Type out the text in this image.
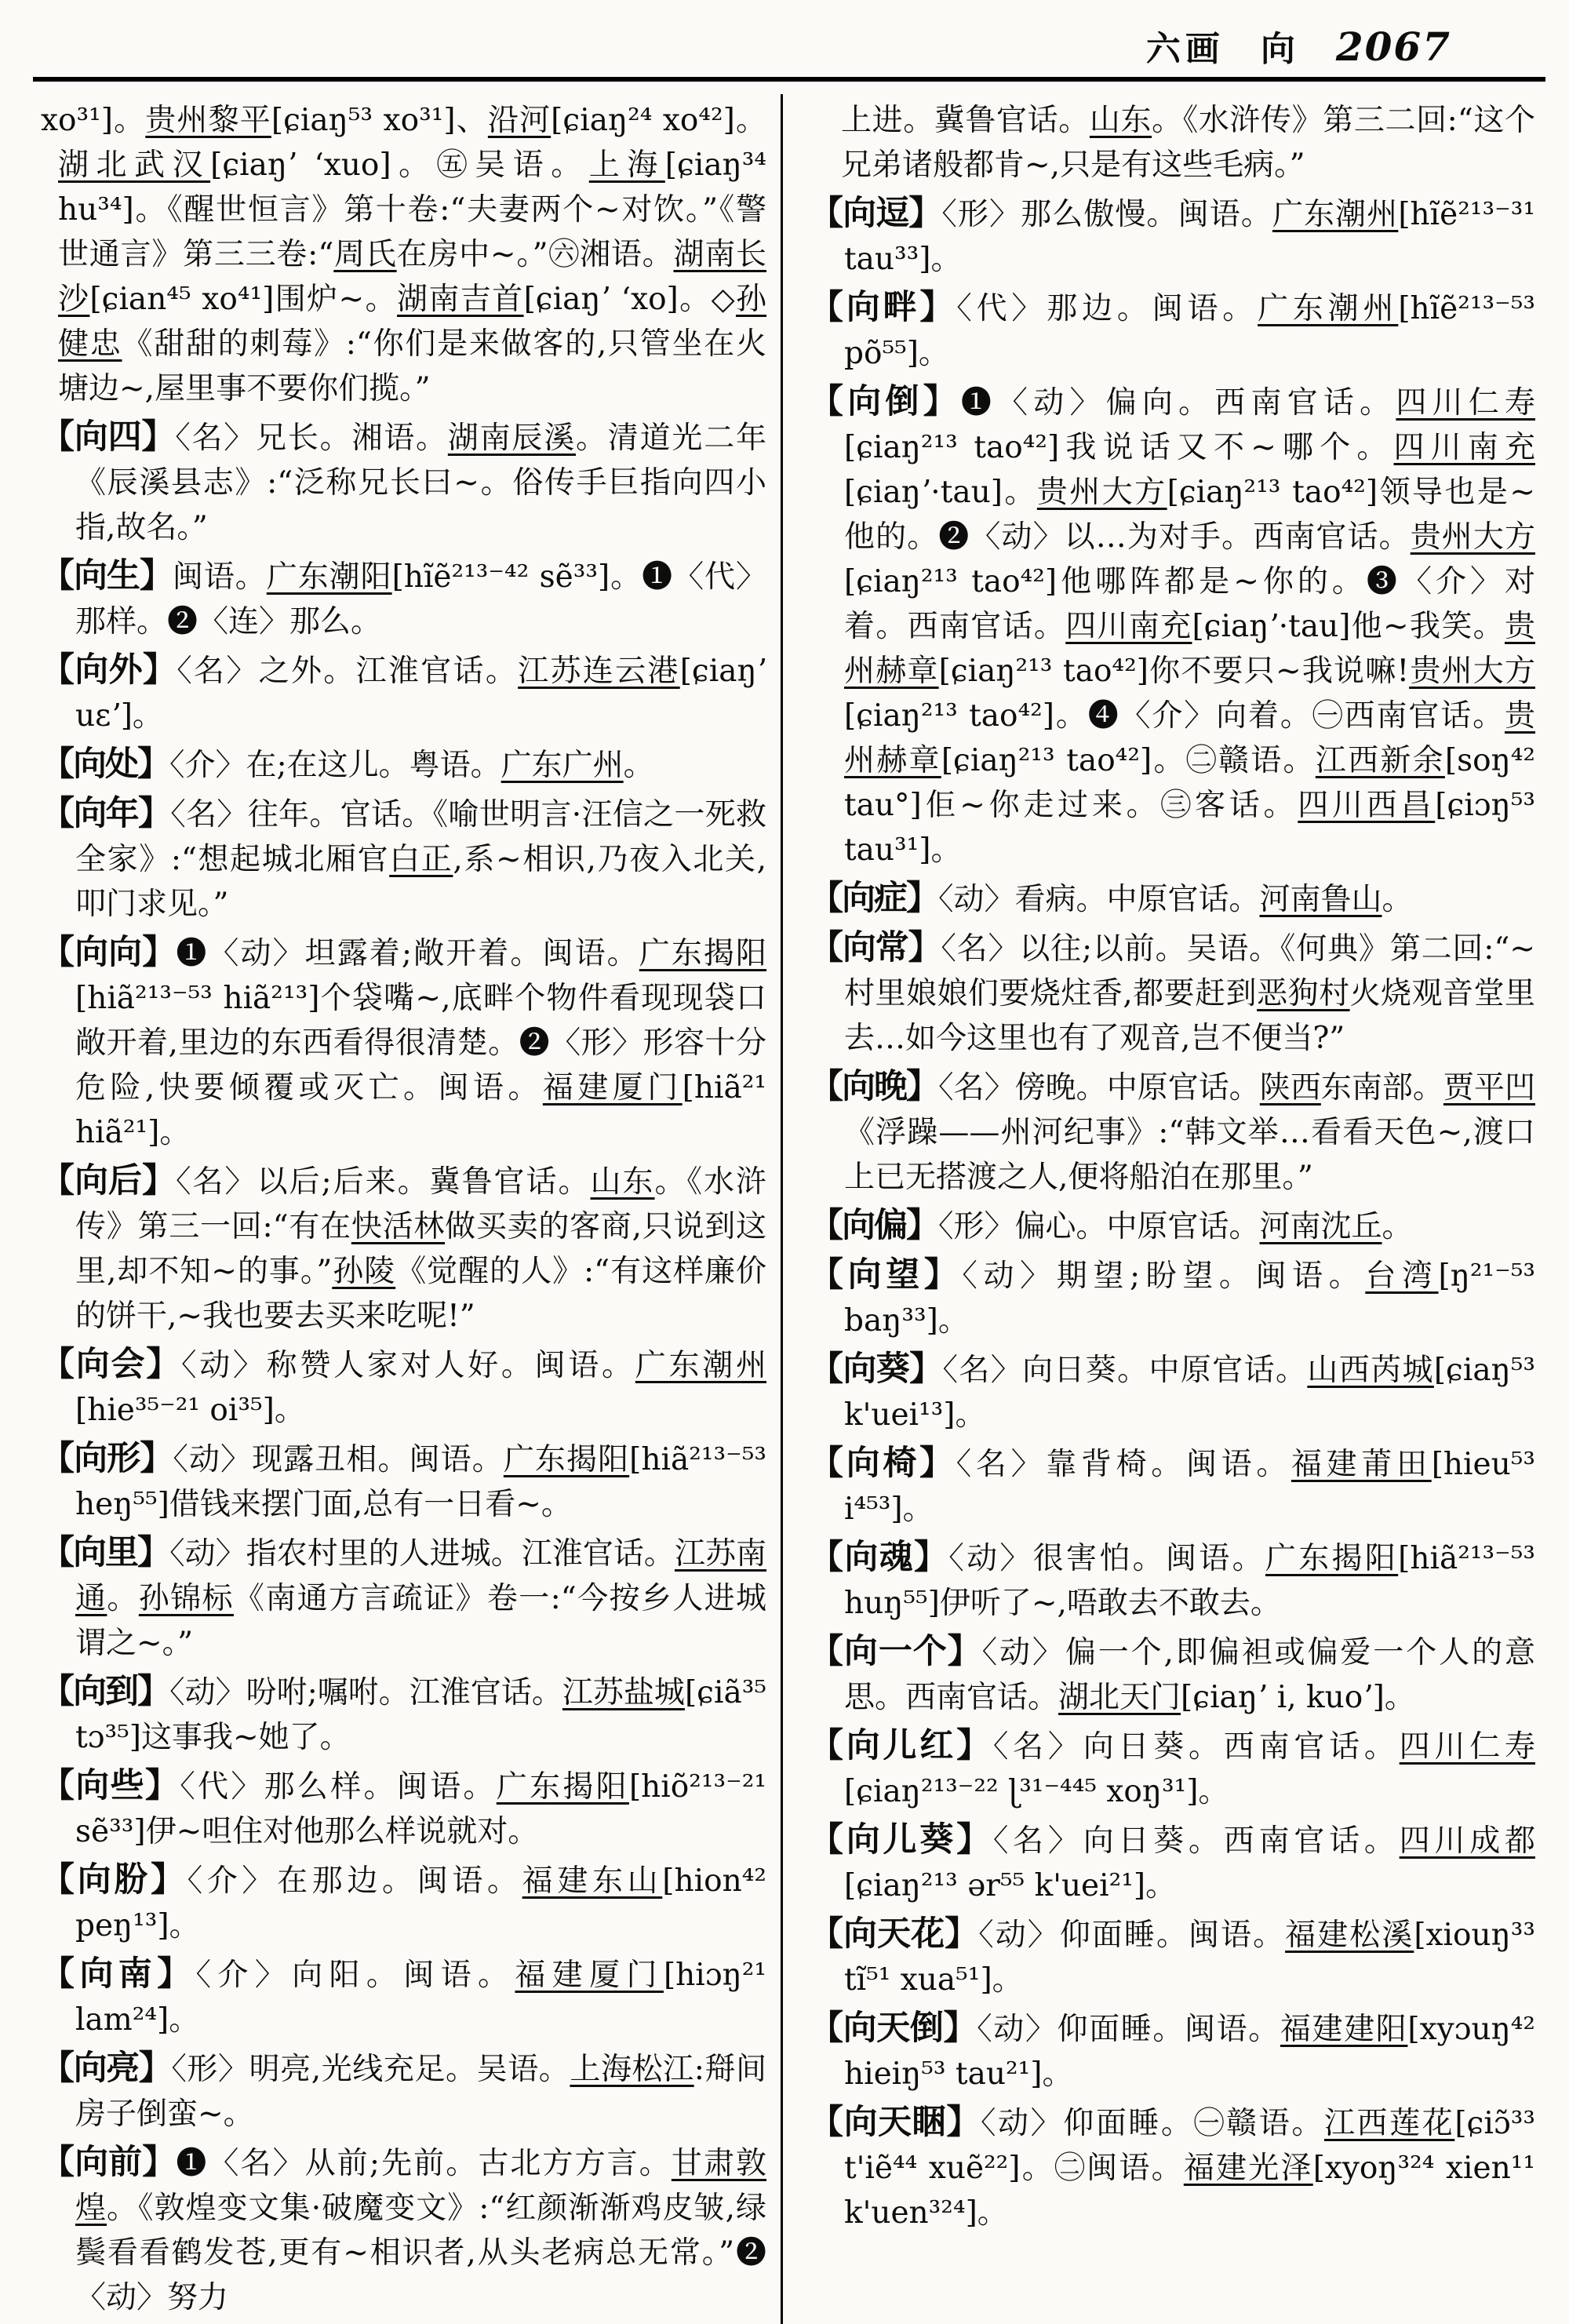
六画 向 2067

xo³¹]。贵州黎平[ɕiaŋ⁵³ xo³¹]、沿河[ɕiaŋ²⁴ xo⁴²]。湖北武汉[ɕiaŋʼ ʻxuo]。㊄吴语。上海[ɕiaŋ³⁴ hu³⁴]。《醒世恒言》第十卷:“夫妻两个~对饮。”《警世通言》第三三卷:“周氏在房中~。”㊅湘语。湖南长沙[ɕian⁴⁵ xo⁴¹]围炉~。湖南吉首[ɕiaŋʼ ʻxo]。◇孙健忠《甜甜的刺莓》:“你们是来做客的,只管坐在火塘边~,屋里事不要你们揽。”

【向四】〈名〉兄长。湘语。湖南辰溪。清道光二年《辰溪县志》:“泛称兄长曰~。俗传手巨指向四小指,故名。”

【向生】闽语。广东潮阳[hĩẽ²¹³⁻⁴² sẽ³³]。❶〈代〉那样。❷〈连〉那么。

【向外】〈名〉之外。江淮官话。江苏连云港[ɕiaŋʼ uɛʼ]。

【向处】〈介〉在;在这儿。粤语。广东广州。

【向年】〈名〉往年。官话。《喻世明言·汪信之一死救全家》:“想起城北厢官白正,系~相识,乃夜入北关,叩门求见。”

【向向】❶〈动〉坦露着;敞开着。闽语。广东揭阳[hiã²¹³⁻⁵³ hiã²¹³]个袋嘴~,底畔个物件看现现袋口敞开着,里边的东西看得很清楚。❷〈形〉形容十分危险,快要倾覆或灭亡。闽语。福建厦门[hiã²¹ hiã²¹]。

【向后】〈名〉以后;后来。冀鲁官话。山东。《水浒传》第三一回:“有在快活林做买卖的客商,只说到这里,却不知~的事。”孙陵《觉醒的人》:“有这样廉价的饼干,~我也要去买来吃呢!”

【向会】〈动〉称赞人家对人好。闽语。广东潮州[hie³⁵⁻²¹ oi³⁵]。

【向形】〈动〉现露丑相。闽语。广东揭阳[hiã²¹³⁻⁵³ heŋ⁵⁵]借钱来摆门面,总有一日看~。

【向里】〈动〉指农村里的人进城。江淮官话。江苏南通。孙锦标《南通方言疏证》卷一:“今按乡人进城谓之~。”

【向到】〈动〉吩咐;嘱咐。江淮官话。江苏盐城[ɕiã³⁵ tɔ³⁵]这事我~她了。

【向些】〈代〉那么样。闽语。广东揭阳[hiõ²¹³⁻²¹ sẽ³³]伊~呾住对他那么样说就对。

【向肦】〈介〉在那边。闽语。福建东山[hion⁴² peŋ¹³]。

【向南】〈介〉向阳。闽语。福建厦门[hiɔŋ²¹ lam²⁴]。

【向亮】〈形〉明亮,光线充足。吴语。上海松江:搿间房子倒蛮~。

【向前】❶〈名〉从前;先前。古北方方言。甘肃敦煌。《敦煌变文集·破魔变文》:“红颜渐渐鸡皮皱,绿鬓看看鹤发苍,更有~相识者,从头老病总无常。”❷〈动〉努力

上进。冀鲁官话。山东。《水浒传》第三二回:“这个兄弟诸般都肯~,只是有这些毛病。”

【向逗】〈形〉那么傲慢。闽语。广东潮州[hĩẽ²¹³⁻³¹ tau³³]。

【向畔】〈代〉那边。闽语。广东潮州[hĩẽ²¹³⁻⁵³ põ⁵⁵]。

【向倒】❶〈动〉偏向。西南官话。四川仁寿[ɕiaŋ²¹³ tao⁴²]我说话又不~哪个。四川南充[ɕiaŋʼ·tau]。贵州大方[ɕiaŋ²¹³ tao⁴²]领导也是~他的。❷〈动〉以…为对手。西南官话。贵州大方[ɕiaŋ²¹³ tao⁴²]他哪阵都是~你的。❸〈介〉对着。西南官话。四川南充[ɕiaŋʼ·tau]他~我笑。贵州赫章[ɕiaŋ²¹³ tao⁴²]你不要只~我说嘛!贵州大方[ɕiaŋ²¹³ tao⁴²]。❹〈介〉向着。㊀西南官话。贵州赫章[ɕiaŋ²¹³ tao⁴²]。㊁赣语。江西新余[soŋ⁴² tau°]佢~你走过来。㊂客话。四川西昌[ɕiɔŋ⁵³ tau³¹]。

【向症】〈动〉看病。中原官话。河南鲁山。

【向常】〈名〉以往;以前。吴语。《何典》第二回:“~村里娘娘们要烧炷香,都要赶到恶狗村火烧观音堂里去…如今这里也有了观音,岂不便当?”

【向晚】〈名〉傍晚。中原官话。陕西东南部。贾平凹《浮躁——州河纪事》:“韩文举…看看天色~,渡口上已无搭渡之人,便将船泊在那里。”

【向偏】〈形〉偏心。中原官话。河南沈丘。

【向望】〈动〉期望;盼望。闽语。台湾[ŋ²¹⁻⁵³ baŋ³³]。

【向葵】〈名〉向日葵。中原官话。山西芮城[ɕiaŋ⁵³ k'uei¹³]。

【向椅】〈名〉靠背椅。闽语。福建莆田[hieu⁵³ i⁴⁵³]。

【向魂】〈动〉很害怕。闽语。广东揭阳[hiã²¹³⁻⁵³ huŋ⁵⁵]伊听了~,唔敢去不敢去。

【向一个】〈动〉偏一个,即偏袒或偏爱一个人的意思。西南官话。湖北天门[ɕiaŋʼ i, kuoʼ]。

【向儿红】〈名〉向日葵。西南官话。四川仁寿[ɕiaŋ²¹³⁻²² ɭ³¹⁻⁴⁴⁵ xoŋ³¹]。

【向儿葵】〈名〉向日葵。西南官话。四川成都[ɕiaŋ²¹³ ər⁵⁵ k'uei²¹]。

【向天花】〈动〉仰面睡。闽语。福建松溪[xiouŋ³³ tĩ⁵¹ xua⁵¹]。

【向天倒】〈动〉仰面睡。闽语。福建建阳[xyɔuŋ⁴² hieiŋ⁵³ tau²¹]。

【向天睏】〈动〉仰面睡。㊀赣语。江西莲花[ɕiɔ̃³³ t'iẽ⁴⁴ xuẽ²²]。㊁闽语。福建光泽[xyoŋ³²⁴ xien¹¹ k'uen³²⁴]。
